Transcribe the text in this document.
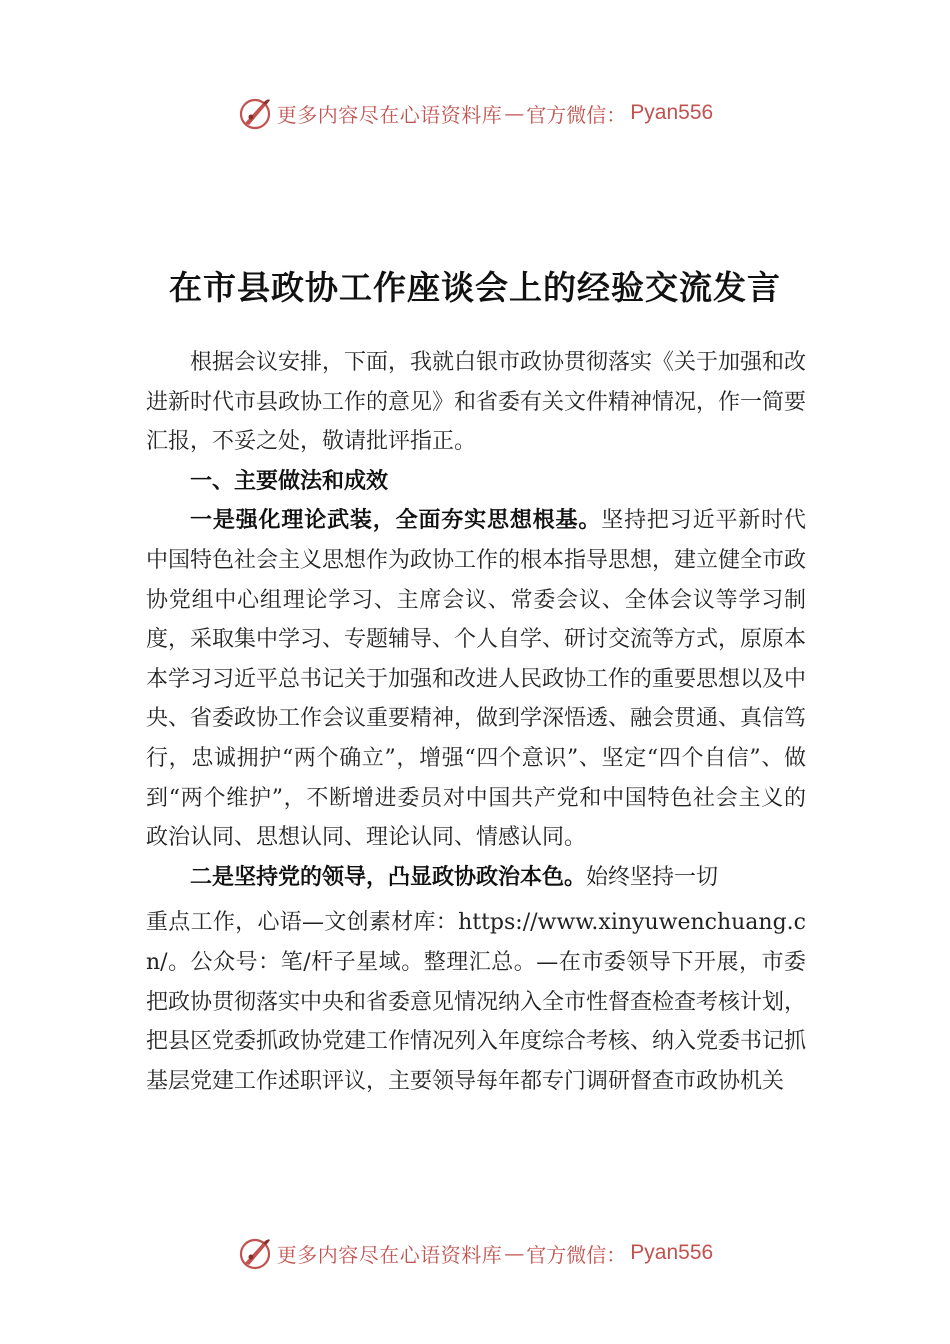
更多内容尽在心语资料库 — 官方微信： Pyan556
在市县政协工作座谈会上的经验交流发言

根据会议安排，下面，我就白银市政协贯彻落实《关于加强和改进新时代市县政协工作的意见》和省委有关文件精神情况，作一简要汇报，不妥之处，敬请批评指正。

一、主要做法和成效

一是强化理论武装，全面夯实思想根基。坚持把习近平新时代中国特色社会主义思想作为政协工作的根本指导思想，建立健全市政协党组中心组理论学习、主席会议、常委会议、全体会议等学习制度，采取集中学习、专题辅导、个人自学、研讨交流等方式，原原本本学习习近平总书记关于加强和改进人民政协工作的重要思想以及中央、省委政协工作会议重要精神，做到学深悟透、融会贯通、真信笃行，忠诚拥护“两个确立”，增强“四个意识”、坚定“四个自信”、做到“两个维护”，不断增进委员对中国共产党和中国特色社会主义的政治认同、思想认同、理论认同、情感认同。

二是坚持党的领导，凸显政协政治本色。始终坚持一切

重点工作，心语—文创素材库：https://www.xinyuwenchuang.cn/。公众号：笔/杆子星域。整理汇总。—在市委领导下开展，市委把政协贯彻落实中央和省委意见情况纳入全市性督查检查考核计划，把县区党委抓政协党建工作情况列入年度综合考核、纳入党委书记抓基层党建工作述职评议，主要领导每年都专门调研督查市政协机关

更多内容尽在心语资料库 — 官方微信： Pyan556
